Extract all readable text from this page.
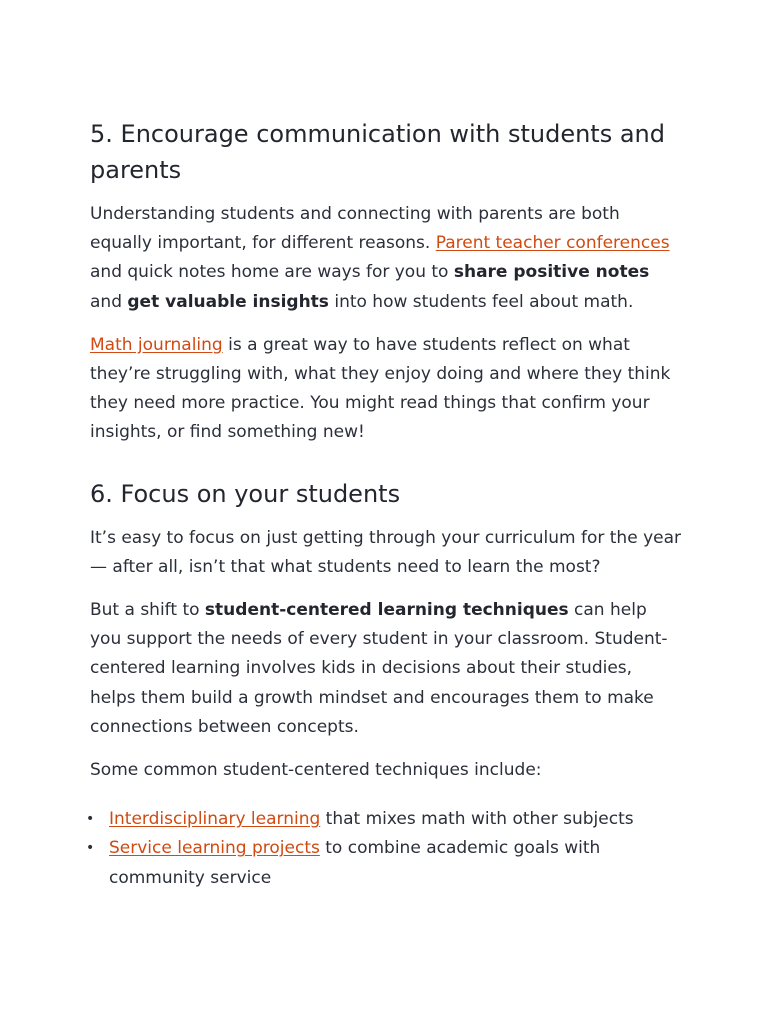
5. Encourage communication with students and parents

Understanding students and connecting with parents are both equally important, for different reasons. Parent teacher conferences and quick notes home are ways for you to share positive notes and get valuable insights into how students feel about math.

Math journaling is a great way to have students reflect on what they’re struggling with, what they enjoy doing and where they think they need more practice. You might read things that confirm your insights, or find something new!

6. Focus on your students

It’s easy to focus on just getting through your curriculum for the year — after all, isn’t that what students need to learn the most?

But a shift to student-centered learning techniques can help you support the needs of every student in your classroom. Student-centered learning involves kids in decisions about their studies, helps them build a growth mindset and encourages them to make connections between concepts.

Some common student-centered techniques include:

• Interdisciplinary learning that mixes math with other subjects
• Service learning projects to combine academic goals with community service
